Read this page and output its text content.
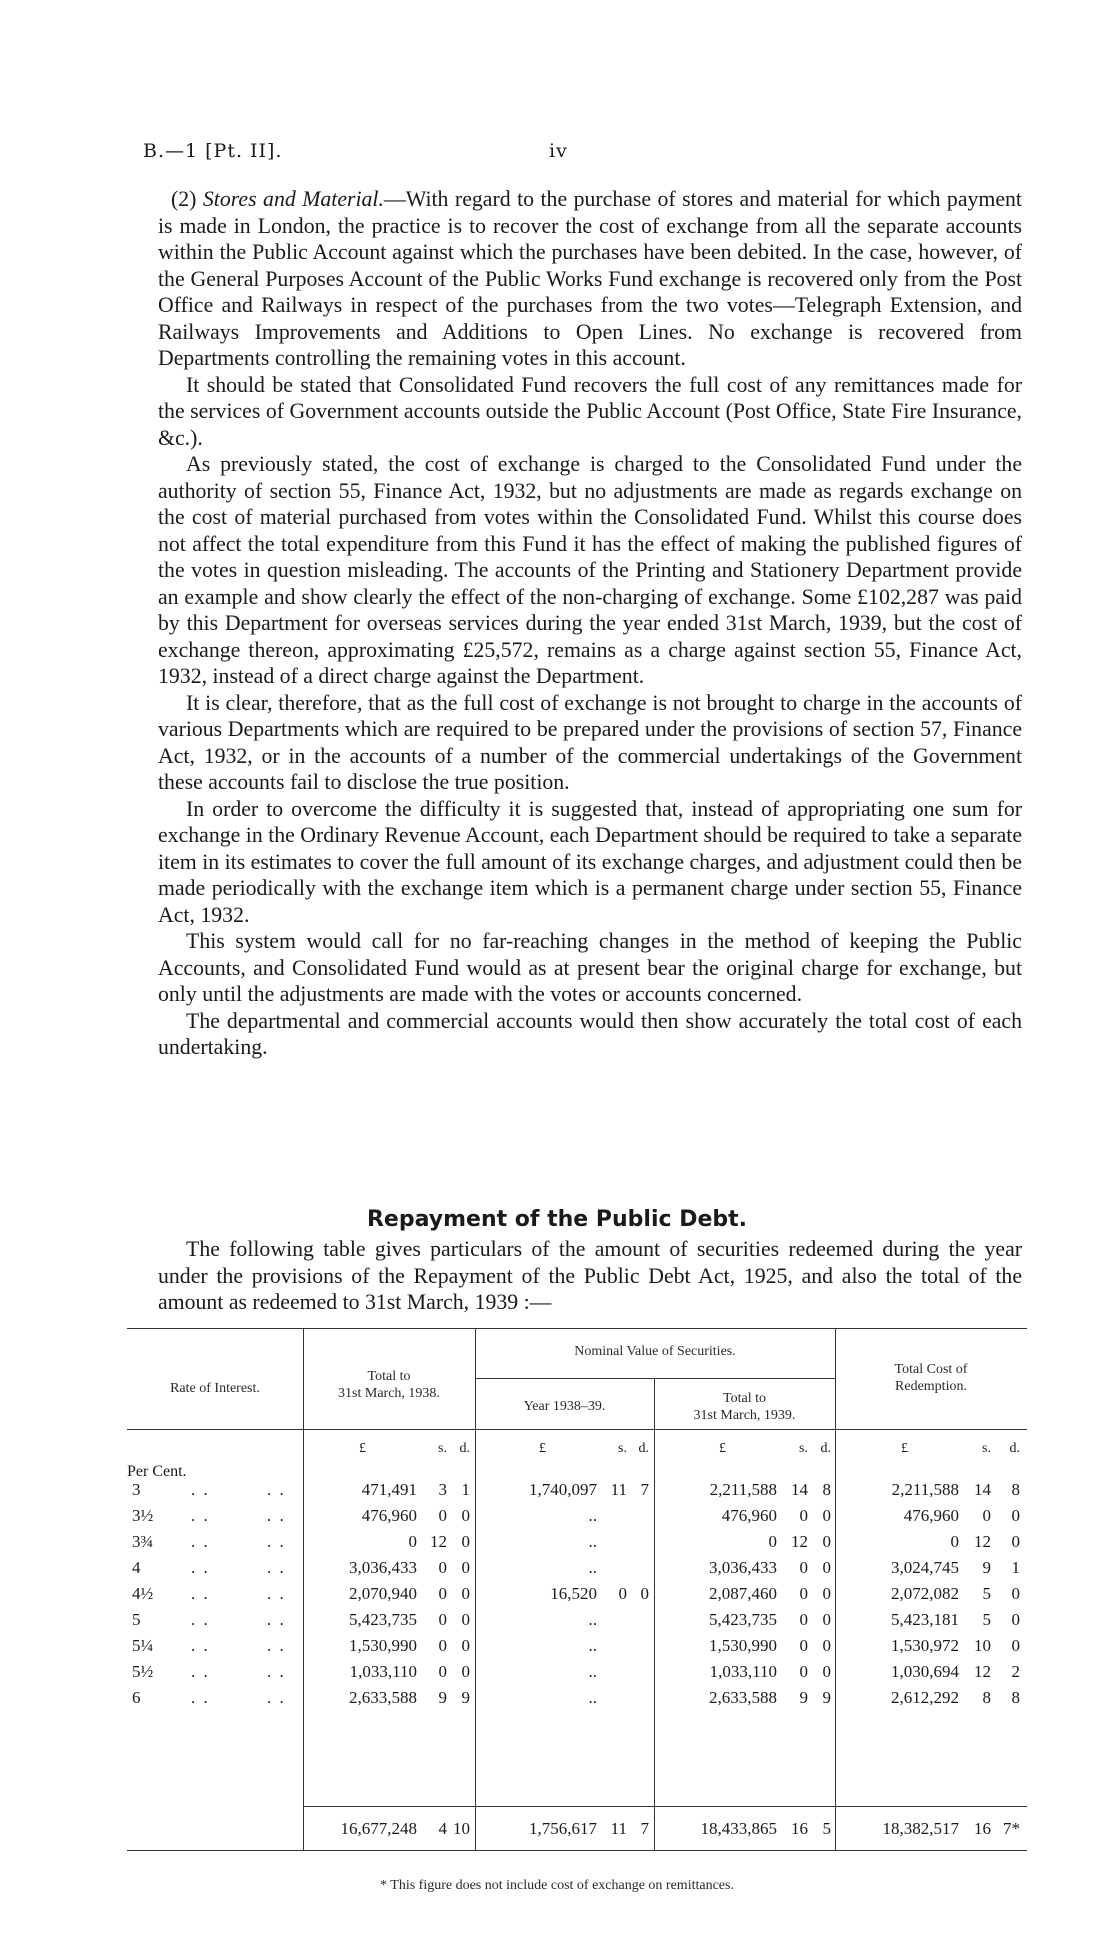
B.—1 [Pt. II].	iv

(2) Stores and Material.—With regard to the purchase of stores and material for which payment is made in London, the practice is to recover the cost of exchange from all the separate accounts within the Public Account against which the purchases have been debited. In the case, however, of the General Purposes Account of the Public Works Fund exchange is recovered only from the Post Office and Railways in respect of the purchases from the two votes—Telegraph Extension, and Railways Improvements and Additions to Open Lines. No exchange is recovered from Departments controlling the remaining votes in this account.

It should be stated that Consolidated Fund recovers the full cost of any remittances made for the services of Government accounts outside the Public Account (Post Office, State Fire Insurance, &c.).

As previously stated, the cost of exchange is charged to the Consolidated Fund under the authority of section 55, Finance Act, 1932, but no adjustments are made as regards exchange on the cost of material purchased from votes within the Consolidated Fund. Whilst this course does not affect the total expenditure from this Fund it has the effect of making the published figures of the votes in question misleading. The accounts of the Printing and Stationery Department provide an example and show clearly the effect of the non-charging of exchange. Some £102,287 was paid by this Department for overseas services during the year ended 31st March, 1939, but the cost of exchange thereon, approximating £25,572, remains as a charge against section 55, Finance Act, 1932, instead of a direct charge against the Department.

It is clear, therefore, that as the full cost of exchange is not brought to charge in the accounts of various Departments which are required to be prepared under the provisions of section 57, Finance Act, 1932, or in the accounts of a number of the commercial undertakings of the Government these accounts fail to disclose the true position.

In order to overcome the difficulty it is suggested that, instead of appropriating one sum for exchange in the Ordinary Revenue Account, each Department should be required to take a separate item in its estimates to cover the full amount of its exchange charges, and adjustment could then be made periodically with the exchange item which is a permanent charge under section 55, Finance Act, 1932.

This system would call for no far-reaching changes in the method of keeping the Public Accounts, and Consolidated Fund would as at present bear the original charge for exchange, but only until the adjustments are made with the votes or accounts concerned.

The departmental and commercial accounts would then show accurately the total cost of each undertaking.

Repayment of the Public Debt.

The following table gives particulars of the amount of securities redeemed during the year under the provisions of the Repayment of the Public Debt Act, 1925, and also the total of the amount as redeemed to 31st March, 1939 :—

Rate of Interest.
Total to
31st March, 1938.
Nominal Value of Securities.
Year 1938–39.
Total to
31st March, 1939.
Total Cost of
Redemption.
Per Cent.
£	s. d.	£	s. d.	£	s. d.	£	s. d.
3	. .	. .	471,491 3 1	1,740,097 11 7	2,211,588 14 8	2,211,588 14 8
3½ . .	. .	476,960 0 0	..	476,960 0 0	476,960 0 0
3¾ . .	. .	0 12 0	..	0 12 0	0 12 0
4	. .	. .	3,036,433 0 0	..	3,036,433 0 0	3,024,745 9 1
4½ . .	. .	2,070,940 0 0	16,520 0 0	2,087,460 0 0	2,072,082 5 0
5	. .	. .	5,423,735 0 0	..	5,423,735 0 0	5,423,181 5 0
5¼ . .	. .	1,530,990 0 0	..	1,530,990 0 0	1,530,972 10 0
5½ . .	. .	1,033,110 0 0	..	1,033,110 0 0	1,030,694 12 2
6	. .	. .	2,633,588 9 9	..	2,633,588 9 9	2,612,292 8 8
16,677,248 4 10	1,756,617 11 7	18,433,865 16 5	18,382,517 16 7*
* This figure does not include cost of exchange on remittances.
